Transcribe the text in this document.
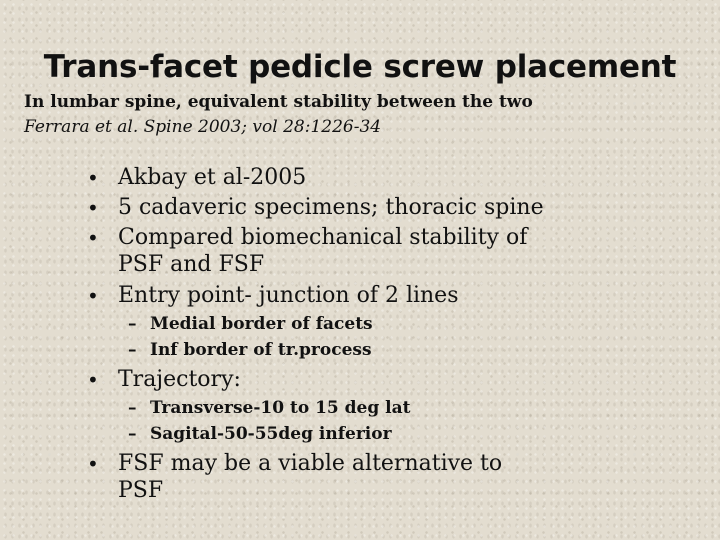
Trans-facet pedicle screw placement
In lumbar spine, equivalent stability between the two
Ferrara et al. Spine 2003; vol 28:1226-34
• Akbay et al-2005
• 5 cadaveric specimens; thoracic spine
• Compared biomechanical stability of
PSF and FSF
• Entry point- junction of 2 lines
– Medial border of facets
– Inf border of tr.process
• Trajectory:
– Transverse-10 to 15 deg lat
– Sagital-50-55deg inferior
• FSF may be a viable alternative to
PSF
